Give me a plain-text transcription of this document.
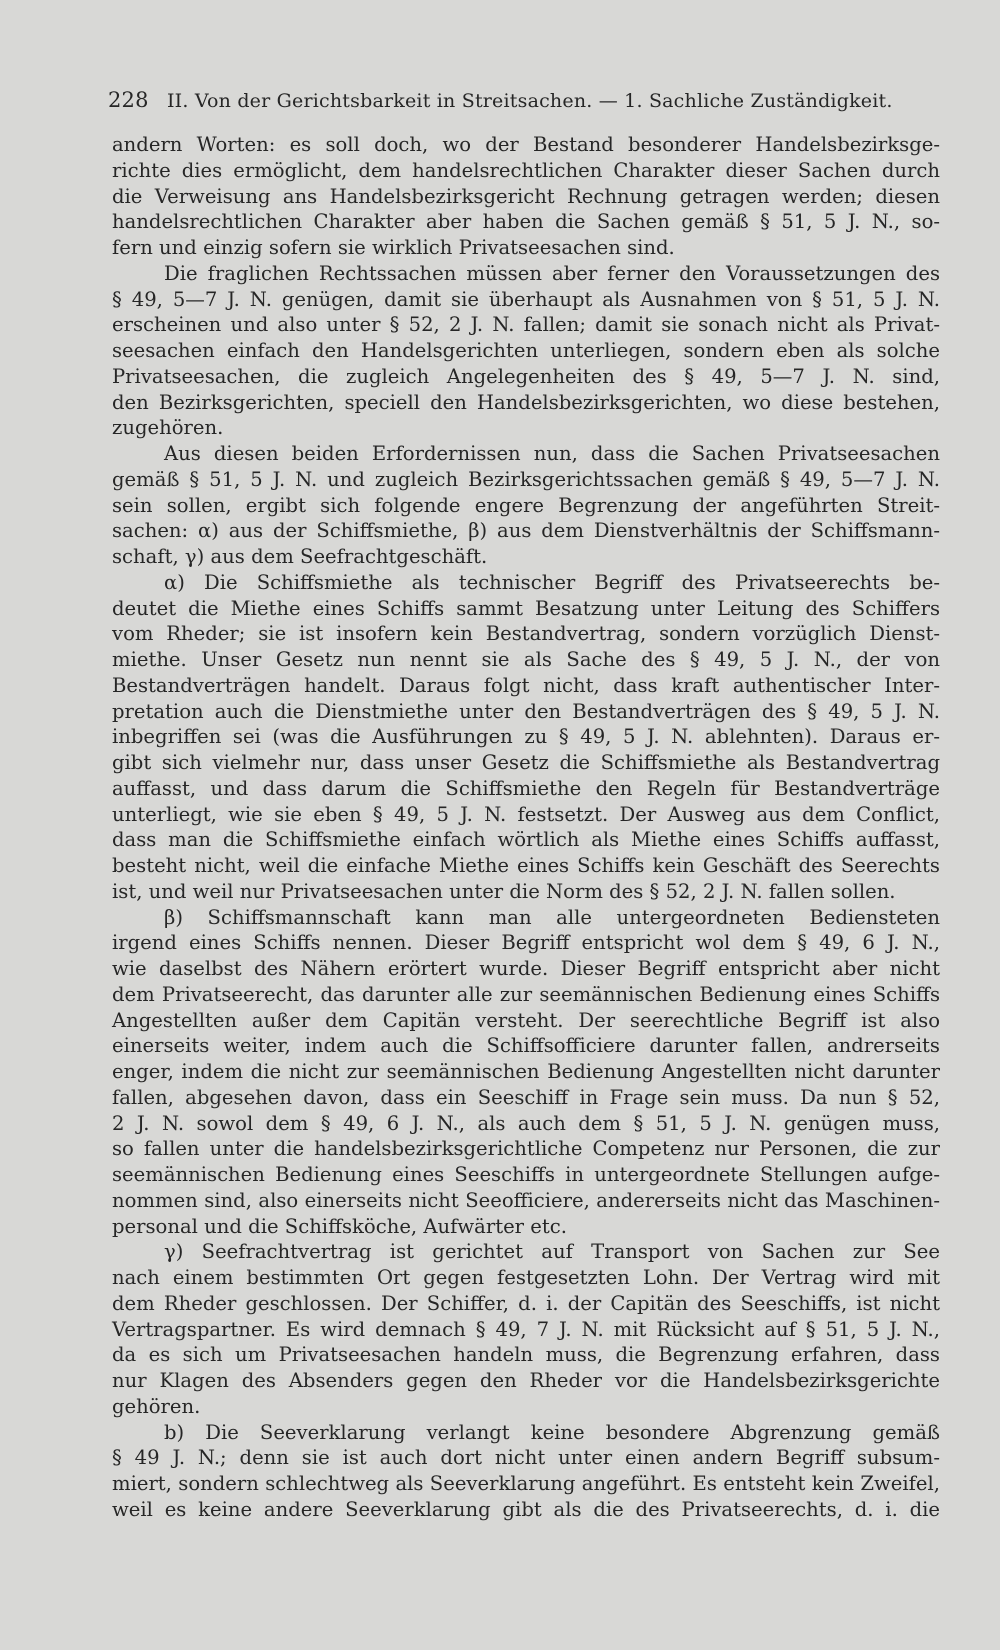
228 II. Von der Gerichtsbarkeit in Streitsachen. — 1. Sachliche Zuständigkeit.
andern Worten: es soll doch, wo der Bestand besonderer Handelsbezirksge-
richte dies ermöglicht, dem handelsrechtlichen Charakter dieser Sachen durch
die Verweisung ans Handelsbezirksgericht Rechnung getragen werden; diesen
handelsrechtlichen Charakter aber haben die Sachen gemäß § 51, 5 J. N., so-
fern und einzig sofern sie wirklich Privatseesachen sind.
Die fraglichen Rechtssachen müssen aber ferner den Voraussetzungen des
§ 49, 5—7 J. N. genügen, damit sie überhaupt als Ausnahmen von § 51, 5 J. N.
erscheinen und also unter § 52, 2 J. N. fallen; damit sie sonach nicht als Privat-
seesachen einfach den Handelsgerichten unterliegen, sondern eben als solche
Privatseesachen, die zugleich Angelegenheiten des § 49, 5—7 J. N. sind,
den Bezirksgerichten, speciell den Handelsbezirksgerichten, wo diese bestehen,
zugehören.
Aus diesen beiden Erfordernissen nun, dass die Sachen Privatseesachen
gemäß § 51, 5 J. N. und zugleich Bezirksgerichtssachen gemäß § 49, 5—7 J. N.
sein sollen, ergibt sich folgende engere Begrenzung der angeführten Streit-
sachen: α) aus der Schiffsmiethe, β) aus dem Dienstverhältnis der Schiffsmann-
schaft, γ) aus dem Seefrachtgeschäft.
α) Die Schiffsmiethe als technischer Begriff des Privatseerechts be-
deutet die Miethe eines Schiffs sammt Besatzung unter Leitung des Schiffers
vom Rheder; sie ist insofern kein Bestandvertrag, sondern vorzüglich Dienst-
miethe. Unser Gesetz nun nennt sie als Sache des § 49, 5 J. N., der von
Bestandverträgen handelt. Daraus folgt nicht, dass kraft authentischer Inter-
pretation auch die Dienstmiethe unter den Bestandverträgen des § 49, 5 J. N.
inbegriffen sei (was die Ausführungen zu § 49, 5 J. N. ablehnten). Daraus er-
gibt sich vielmehr nur, dass unser Gesetz die Schiffsmiethe als Bestandvertrag
auffasst, und dass darum die Schiffsmiethe den Regeln für Bestandverträge
unterliegt, wie sie eben § 49, 5 J. N. festsetzt. Der Ausweg aus dem Conflict,
dass man die Schiffsmiethe einfach wörtlich als Miethe eines Schiffs auffasst,
besteht nicht, weil die einfache Miethe eines Schiffs kein Geschäft des Seerechts
ist, und weil nur Privatseesachen unter die Norm des § 52, 2 J. N. fallen sollen.
β) Schiffsmannschaft kann man alle untergeordneten Bediensteten
irgend eines Schiffs nennen. Dieser Begriff entspricht wol dem § 49, 6 J. N.,
wie daselbst des Nähern erörtert wurde. Dieser Begriff entspricht aber nicht
dem Privatseerecht, das darunter alle zur seemännischen Bedienung eines Schiffs
Angestellten außer dem Capitän versteht. Der seerechtliche Begriff ist also
einerseits weiter, indem auch die Schiffsofficiere darunter fallen, andrerseits
enger, indem die nicht zur seemännischen Bedienung Angestellten nicht darunter
fallen, abgesehen davon, dass ein Seeschiff in Frage sein muss. Da nun § 52,
2 J. N. sowol dem § 49, 6 J. N., als auch dem § 51, 5 J. N. genügen muss,
so fallen unter die handelsbezirksgerichtliche Competenz nur Personen, die zur
seemännischen Bedienung eines Seeschiffs in untergeordnete Stellungen aufge-
nommen sind, also einerseits nicht Seeofficiere, andererseits nicht das Maschinen-
personal und die Schiffsköche, Aufwärter etc.
γ) Seefrachtvertrag ist gerichtet auf Transport von Sachen zur See
nach einem bestimmten Ort gegen festgesetzten Lohn. Der Vertrag wird mit
dem Rheder geschlossen. Der Schiffer, d. i. der Capitän des Seeschiffs, ist nicht
Vertragspartner. Es wird demnach § 49, 7 J. N. mit Rücksicht auf § 51, 5 J. N.,
da es sich um Privatseesachen handeln muss, die Begrenzung erfahren, dass
nur Klagen des Absenders gegen den Rheder vor die Handelsbezirksgerichte
gehören.
b) Die Seeverklarung verlangt keine besondere Abgrenzung gemäß
§ 49 J. N.; denn sie ist auch dort nicht unter einen andern Begriff subsum-
miert, sondern schlechtweg als Seeverklarung angeführt. Es entsteht kein Zweifel,
weil es keine andere Seeverklarung gibt als die des Privatseerechts, d. i. die
